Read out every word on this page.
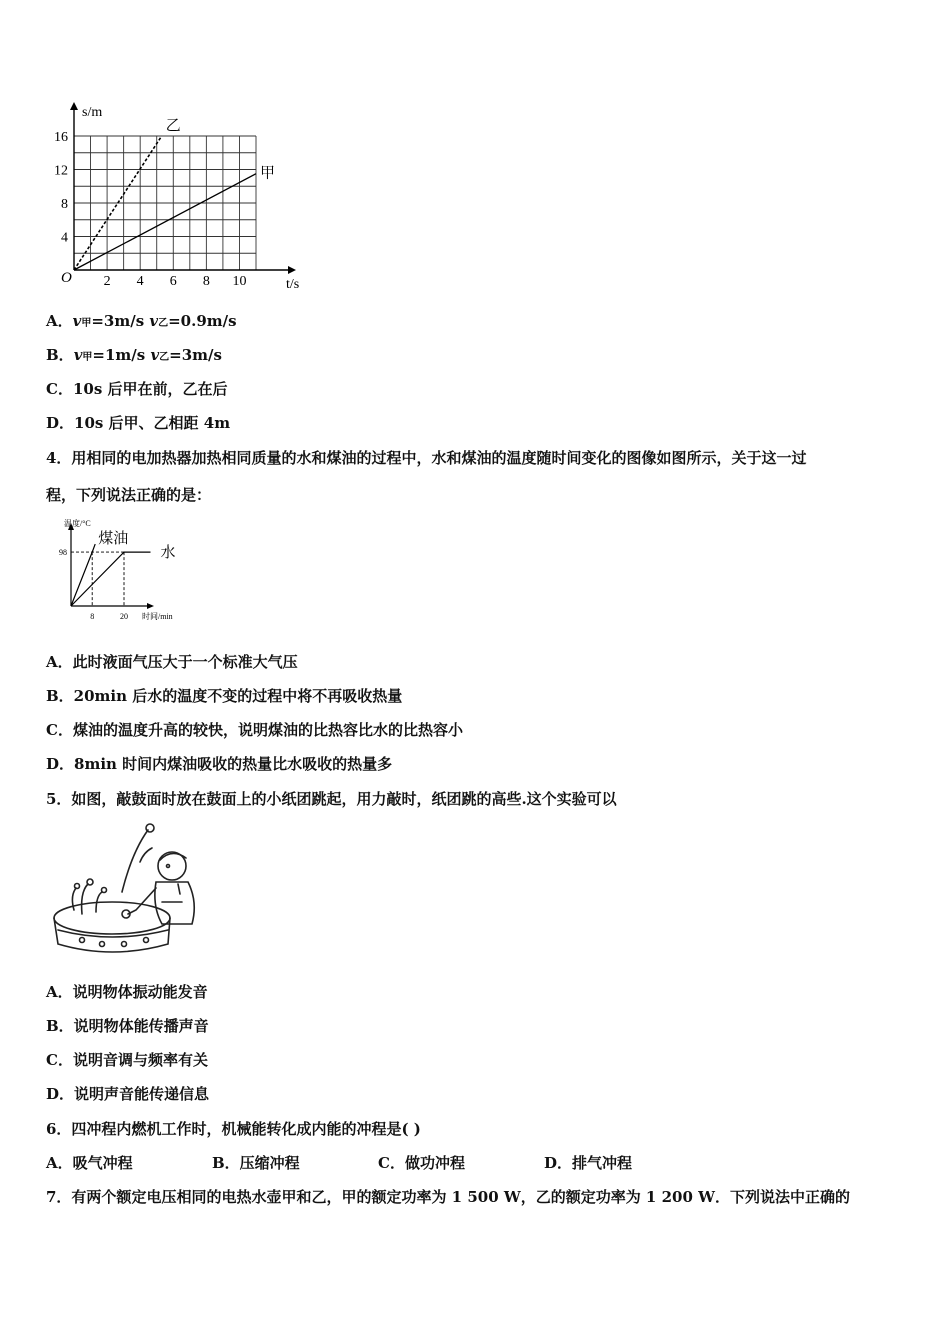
s/m
t/s
O 2 4 6 8 10
4
8
12
16
乙
甲
A．v甲=3m/s v乙=0.9m/s
B．v甲=1m/s v乙=3m/s
C．10s 后甲在前，乙在后
D．10s 后甲、乙相距 4m
4．用相同的电加热器加热相同质量的水和煤油的过程中，水和煤油的温度随时间变化的图像如图所示，关于这一过
程，下列说法正确的是：
温度/°C
时间/min
98
8	20
煤油
水
A．此时液面气压大于一个标准大气压
B．20min 后水的温度不变的过程中将不再吸收热量
C．煤油的温度升高的较快，说明煤油的比热容比水的比热容小
D．8min 时间内煤油吸收的热量比水吸收的热量多
5．如图，敲鼓面时放在鼓面上的小纸团跳起，用力敲时，纸团跳的高些.这个实验可以
A．说明物体振动能发音
B．说明物体能传播声音
C．说明音调与频率有关
D．说明声音能传递信息
6．四冲程内燃机工作时，机械能转化成内能的冲程是( )
A．吸气冲程	B．压缩冲程	C．做功冲程	D．排气冲程
7．有两个额定电压相同的电热水壶甲和乙，甲的额定功率为 1 500 W，乙的额定功率为 1 200 W．下列说法中正确的
